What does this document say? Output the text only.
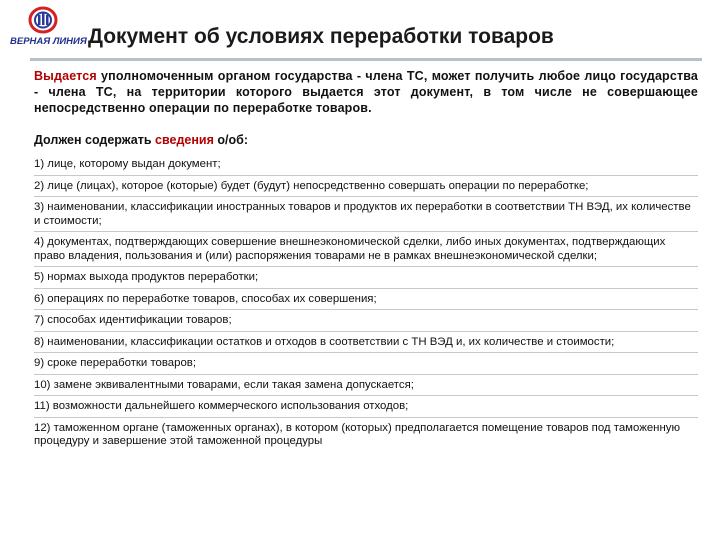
ВЕРНАЯ ЛИНИЯ Документ об условиях переработки товаров

Выдается уполномоченным органом государства - члена ТС, может получить любое лицо государства - члена ТС, на территории которого выдается этот документ, в том числе не совершающее непосредственно операции по переработке товаров.

Должен содержать сведения о/об:
1) лице, которому выдан документ;
2) лице (лицах), которое (которые) будет (будут) непосредственно совершать операции по переработке;
3) наименовании, классификации иностранных товаров и продуктов их переработки в соответствии ТН ВЭД, их количестве и стоимости;
4) документах, подтверждающих совершение внешнеэкономической сделки, либо иных документах, подтверждающих право владения, пользования и (или) распоряжения товарами не в рамках внешнеэкономической сделки;
5) нормах выхода продуктов переработки;
6) операциях по переработке товаров, способах их совершения;
7) способах идентификации товаров;
8) наименовании, классификации остатков и отходов в соответствии с ТН ВЭД и, их количестве и стоимости;
9) сроке переработки товаров;
10) замене эквивалентными товарами, если такая замена допускается;
11) возможности дальнейшего коммерческого использования отходов;
12) таможенном органе (таможенных органах), в котором (которых) предполагается помещение товаров под таможенную процедуру и завершение этой таможенной процедуры
